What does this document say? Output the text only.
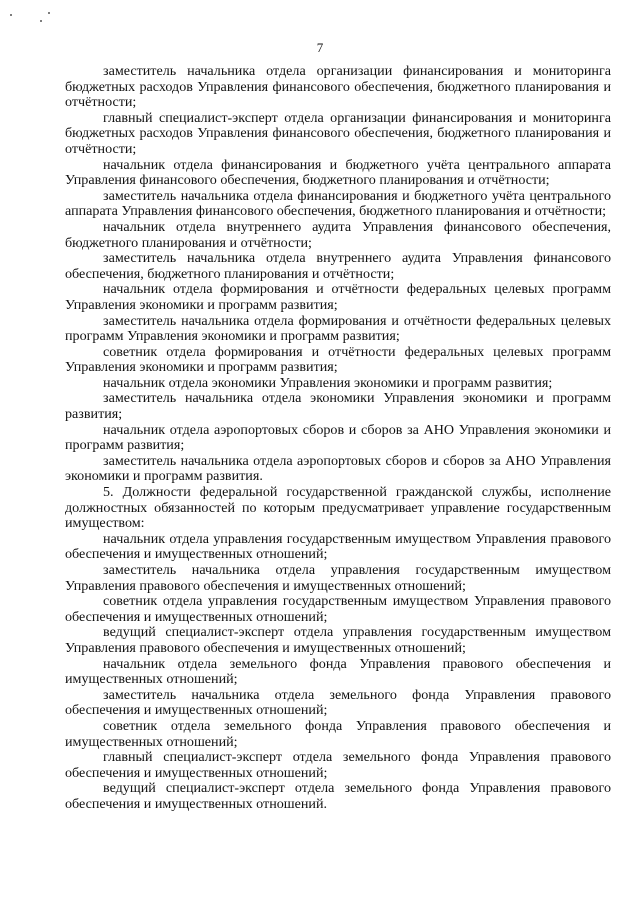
7

заместитель начальника отдела организации финансирования и мониторинга бюджетных расходов Управления финансового обеспечения, бюджетного планирования и отчётности;

главный специалист-эксперт отдела организации финансирования и мониторинга бюджетных расходов Управления финансового обеспечения, бюджетного планирования и отчётности;

начальник отдела финансирования и бюджетного учёта центрального аппарата Управления финансового обеспечения, бюджетного планирования и отчётности;

заместитель начальника отдела финансирования и бюджетного учёта центрального аппарата Управления финансового обеспечения, бюджетного планирования и отчётности;

начальник отдела внутреннего аудита Управления финансового обеспечения, бюджетного планирования и отчётности;

заместитель начальника отдела внутреннего аудита Управления финансового обеспечения, бюджетного планирования и отчётности;

начальник отдела формирования и отчётности федеральных целевых программ Управления экономики и программ развития;

заместитель начальника отдела формирования и отчётности федеральных целевых программ Управления экономики и программ развития;

советник отдела формирования и отчётности федеральных целевых программ Управления экономики и программ развития;

начальник отдела экономики Управления экономики и программ развития;

заместитель начальника отдела экономики Управления экономики и программ развития;

начальник отдела аэропортовых сборов и сборов за АНО Управления экономики и программ развития;

заместитель начальника отдела аэропортовых сборов и сборов за АНО Управления экономики и программ развития.

5. Должности федеральной государственной гражданской службы, исполнение должностных обязанностей по которым предусматривает управление государственным имуществом:

начальник отдела управления государственным имуществом Управления правового обеспечения и имущественных отношений;

заместитель начальника отдела управления государственным имуществом Управления правового обеспечения и имущественных отношений;

советник отдела управления государственным имуществом Управления правового обеспечения и имущественных отношений;

ведущий специалист-эксперт отдела управления государственным имуществом Управления правового обеспечения и имущественных отношений;

начальник отдела земельного фонда Управления правового обеспечения и имущественных отношений;

заместитель начальника отдела земельного фонда Управления правового обеспечения и имущественных отношений;

советник отдела земельного фонда Управления правового обеспечения и имущественных отношений;

главный специалист-эксперт отдела земельного фонда Управления правового обеспечения и имущественных отношений;

ведущий специалист-эксперт отдела земельного фонда Управления правового обеспечения и имущественных отношений.
